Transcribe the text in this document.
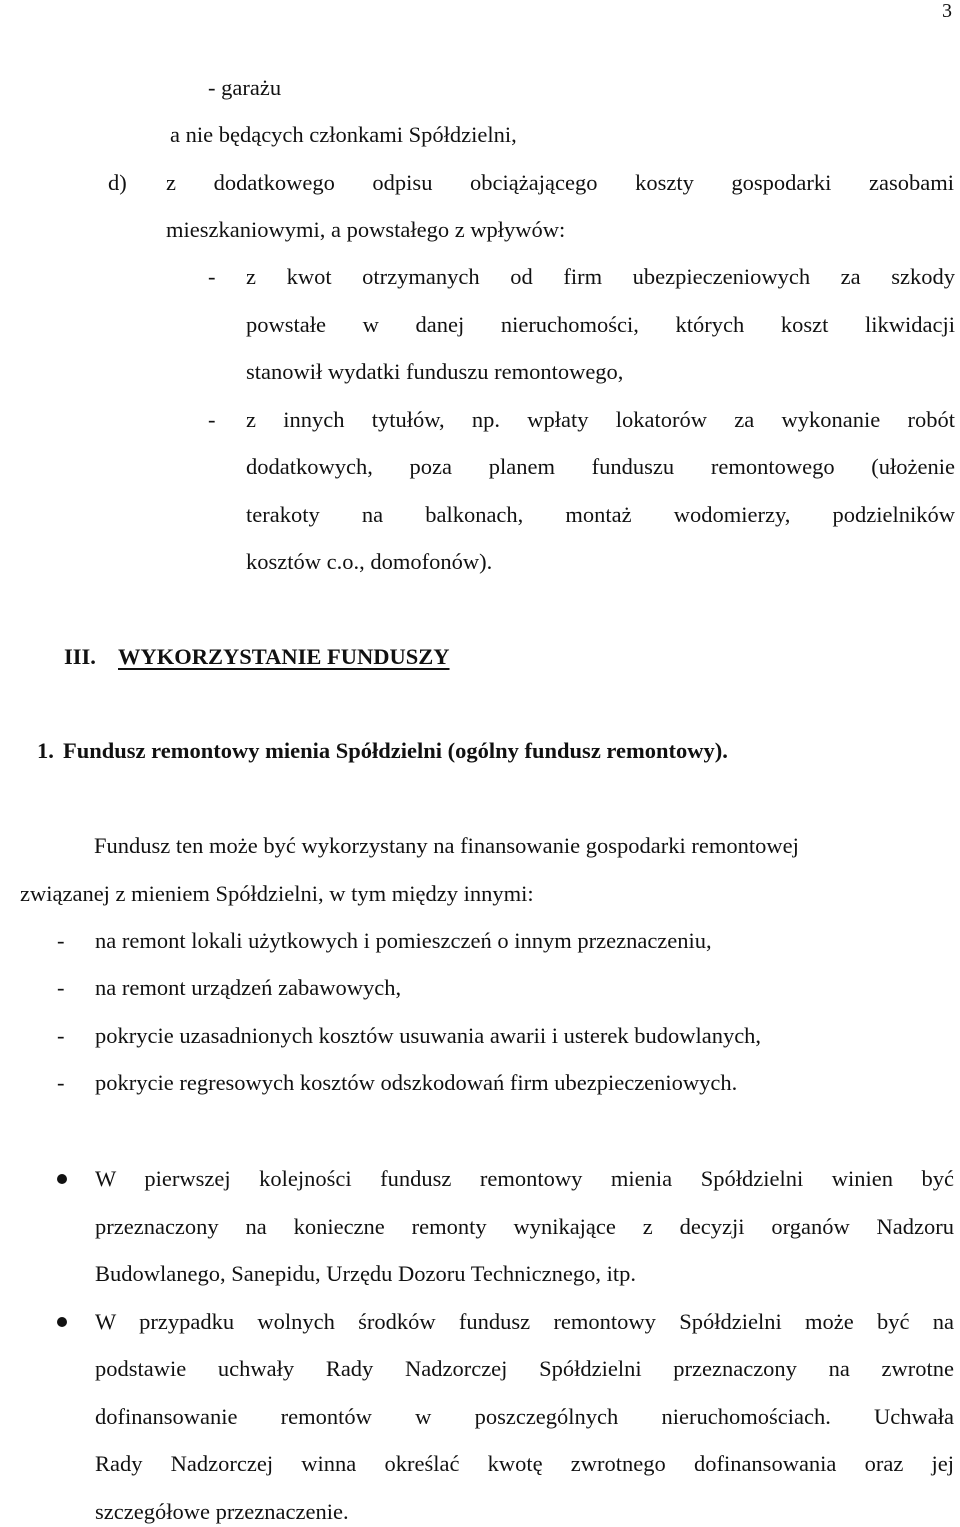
3
- garażu
a nie będących członkami Spółdzielni,
d) z dodatkowego odpisu obciążającego koszty gospodarki zasobami
mieszkaniowymi, a powstałego z wpływów:
- z kwot otrzymanych od firm ubezpieczeniowych za szkody
powstałe w danej nieruchomości, których koszt likwidacji
stanowił wydatki funduszu remontowego,
- z innych tytułów, np. wpłaty lokatorów za wykonanie robót
dodatkowych, poza planem funduszu remontowego (ułożenie
terakoty na balkonach, montaż wodomierzy, podzielników
kosztów c.o., domofonów).
III. WYKORZYSTANIE FUNDUSZY
1. Fundusz remontowy mienia Spółdzielni (ogólny fundusz remontowy).
Fundusz ten może być wykorzystany na finansowanie gospodarki remontowej
związanej z mieniem Spółdzielni, w tym między innymi:
- na remont lokali użytkowych i pomieszczeń o innym przeznaczeniu,
- na remont urządzeń zabawowych,
- pokrycie uzasadnionych kosztów usuwania awarii i usterek budowlanych,
- pokrycie regresowych kosztów odszkodowań firm ubezpieczeniowych.
W pierwszej kolejności fundusz remontowy mienia Spółdzielni winien być
przeznaczony na konieczne remonty wynikające z decyzji organów Nadzoru
Budowlanego, Sanepidu, Urzędu Dozoru Technicznego, itp.
W przypadku wolnych środków fundusz remontowy Spółdzielni może być na
podstawie uchwały Rady Nadzorczej Spółdzielni przeznaczony na zwrotne
dofinansowanie remontów w poszczególnych nieruchomościach. Uchwała
Rady Nadzorczej winna określać kwotę zwrotnego dofinansowania oraz jej
szczegółowe przeznaczenie.
